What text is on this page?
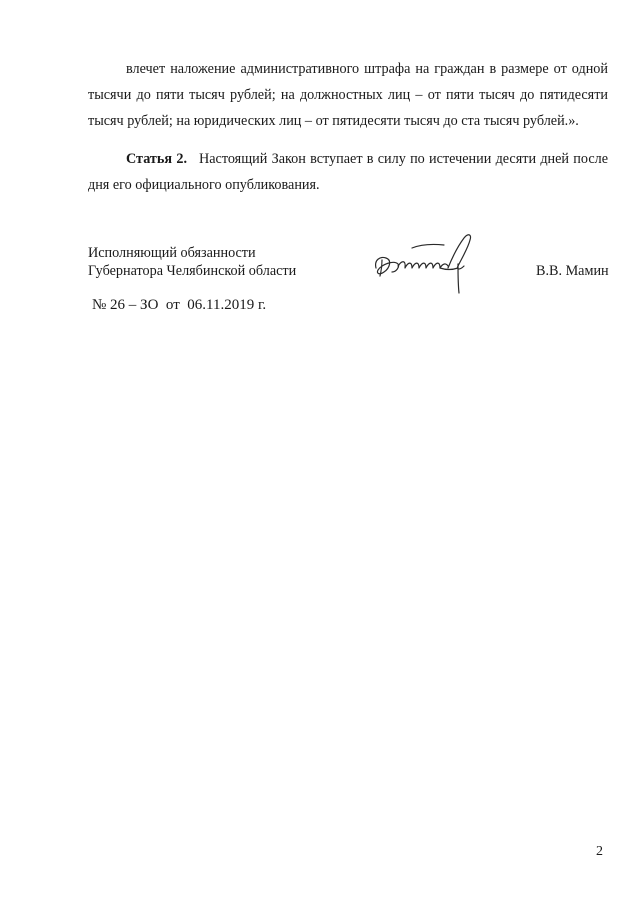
влечет наложение административного штрафа на граждан в размере от одной тысячи до пяти тысяч рублей; на должностных лиц – от пяти тысяч до пятидесяти тысяч рублей; на юридических лиц – от пятидесяти тысяч до ста тысяч рублей.».

Статья 2. Настоящий Закон вступает в силу по истечении десяти дней после дня его официального опубликования.

Исполняющий обязанности
Губернатора Челябинской области	В.В. Мамин
№ 26 – ЗО  от  06.11.2019 г.
2
